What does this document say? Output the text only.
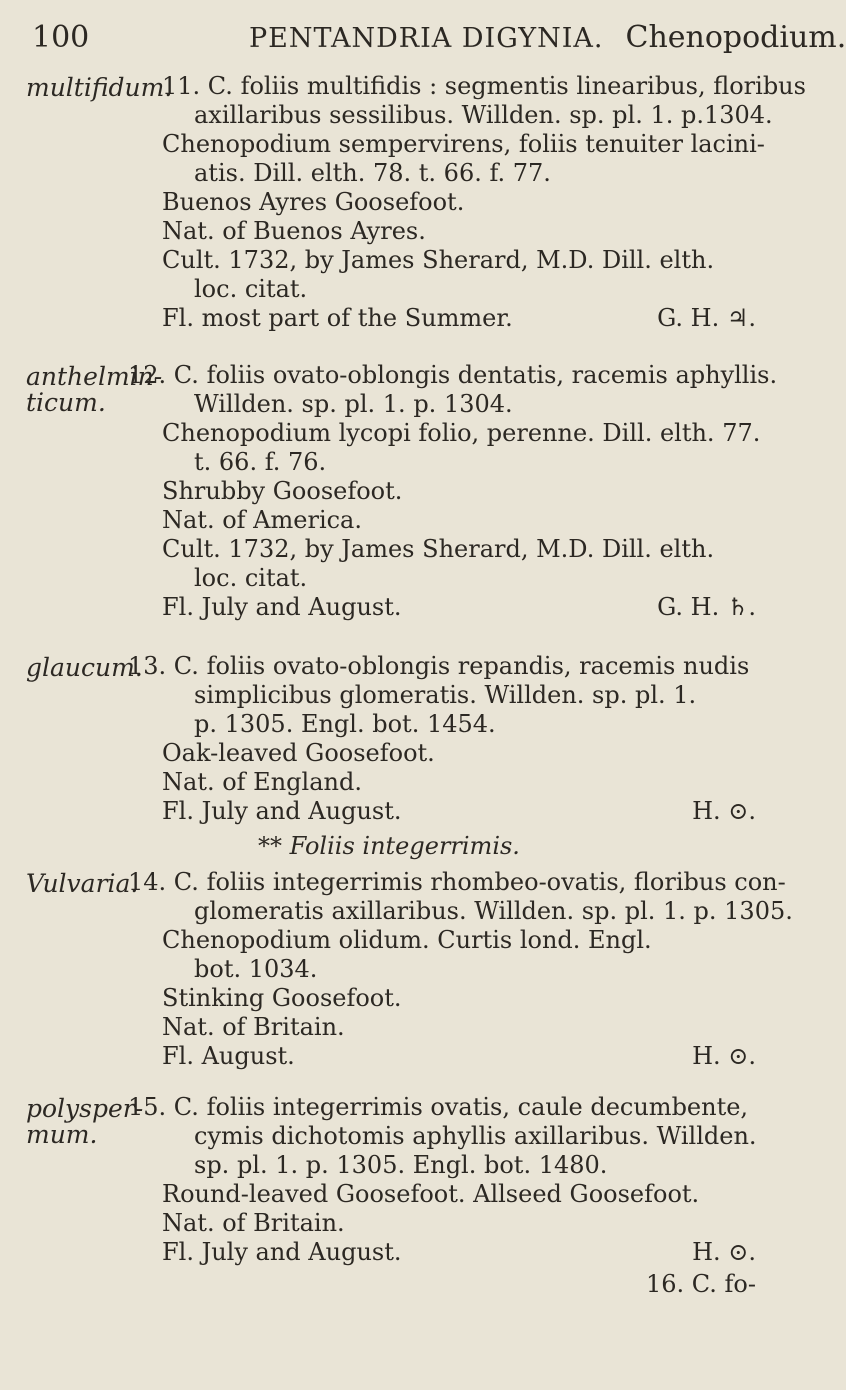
100	PENTANDRIA DIGYNIA. Chenopodium.
multifidum.
11. C. foliis multifidis : segmentis linearibus, floribus
axillaribus sessilibus. Willden. sp. pl. 1. p.1304.
Chenopodium sempervirens, foliis tenuiter lacini-
atis. Dill. elth. 78. t. 66. f. 77.
Buenos Ayres Goosefoot.
Nat. of Buenos Ayres.
Cult. 1732, by James Sherard, M.D. Dill. elth.
loc. citat.
Fl. most part of the Summer.	G. H. ♃.
anthelmin- ticum.
12. C. foliis ovato-oblongis dentatis, racemis aphyllis.
Willden. sp. pl. 1. p. 1304.
Chenopodium lycopi folio, perenne. Dill. elth. 77.
t. 66. f. 76.
Shrubby Goosefoot.
Nat. of America.
Cult. 1732, by James Sherard, M.D. Dill. elth.
loc. citat.
Fl. July and August.	G. H. ♄.
glaucum.
13. C. foliis ovato-oblongis repandis, racemis nudis
simplicibus glomeratis. Willden. sp. pl. 1.
p. 1305. Engl. bot. 1454.
Oak-leaved Goosefoot.
Nat. of England.
Fl. July and August.	H. ⊙.
** Foliis integerrimis.
Vulvaria.
14. C. foliis integerrimis rhombeo-ovatis, floribus con-
glomeratis axillaribus. Willden. sp. pl. 1. p. 1305.
Chenopodium olidum. Curtis lond. Engl.
bot. 1034.
Stinking Goosefoot.
Nat. of Britain.
Fl. August.	H. ⊙.
polysper- mum.
15. C. foliis integerrimis ovatis, caule decumbente,
cymis dichotomis aphyllis axillaribus. Willden.
sp. pl. 1. p. 1305. Engl. bot. 1480.
Round-leaved Goosefoot. Allseed Goosefoot.
Nat. of Britain.
Fl. July and August.	H. ⊙.
16. C. fo-
